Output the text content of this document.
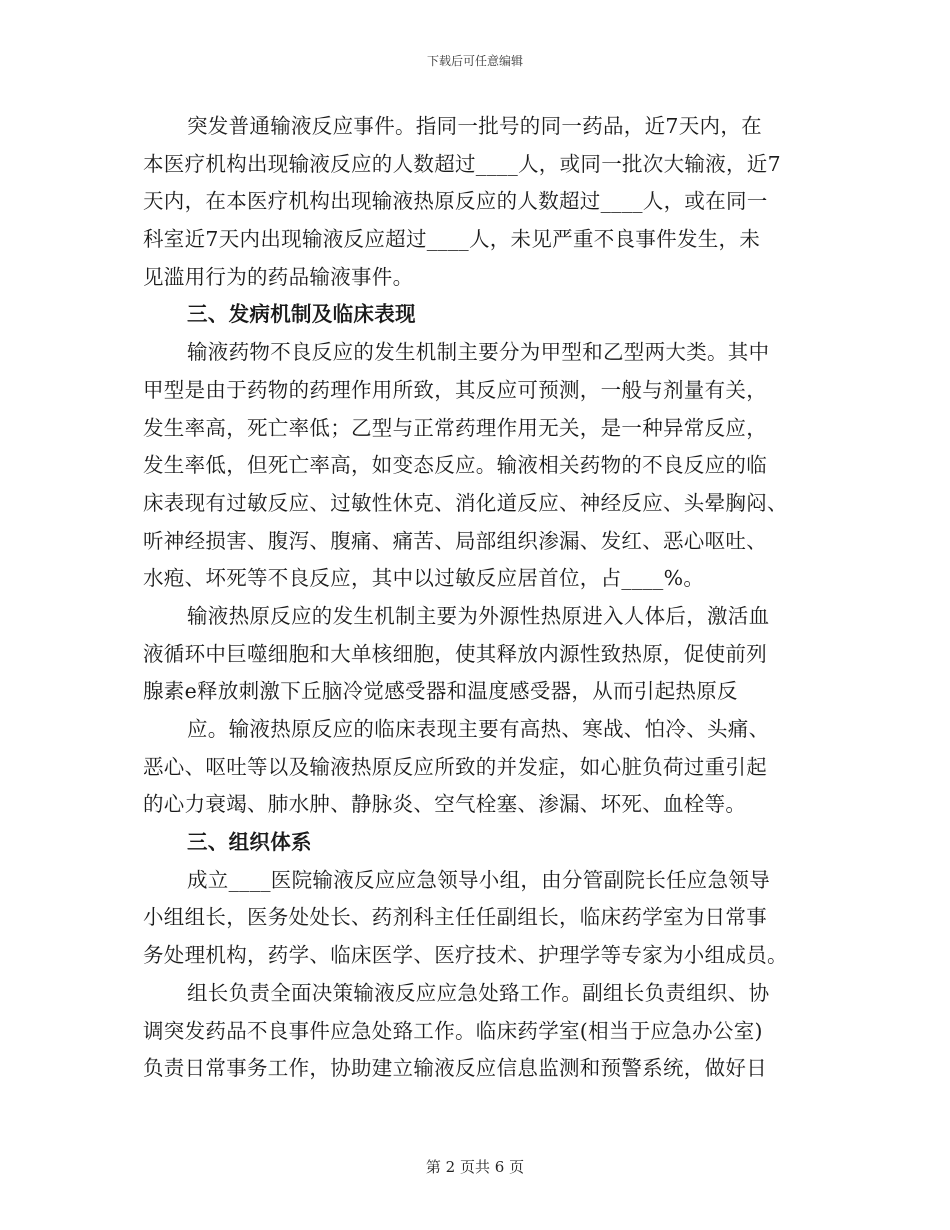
下载后可任意编辑
突发普通输液反应事件。指同一批号的同一药品，近7天内，在
本医疗机构出现输液反应的人数超过____人，或同一批次大输液，近7
天内，在本医疗机构出现输液热原反应的人数超过____人，或在同一
科室近7天内出现输液反应超过____人，未见严重不良事件发生，未
见滥用行为的药品输液事件。
三、发病机制及临床表现
输液药物不良反应的发生机制主要分为甲型和乙型两大类。其中
甲型是由于药物的药理作用所致，其反应可预测，一般与剂量有关，
发生率高，死亡率低；乙型与正常药理作用无关，是一种异常反应，
发生率低，但死亡率高，如变态反应。输液相关药物的不良反应的临
床表现有过敏反应、过敏性休克、消化道反应、神经反应、头晕胸闷、
听神经损害、腹泻、腹痛、痛苦、局部组织渗漏、发红、恶心呕吐、
水疱、坏死等不良反应，其中以过敏反应居首位，占____%。
输液热原反应的发生机制主要为外源性热原进入人体后，激活血
液循环中巨噬细胞和大单核细胞，使其释放内源性致热原，促使前列
腺素e释放刺激下丘脑冷觉感受器和温度感受器，从而引起热原反
应。输液热原反应的临床表现主要有高热、寒战、怕冷、头痛、
恶心、呕吐等以及输液热原反应所致的并发症，如心脏负荷过重引起
的心力衰竭、肺水肿、静脉炎、空气栓塞、渗漏、坏死、血栓等。
三、组织体系
成立____医院输液反应应急领导小组，由分管副院长任应急领导
小组组长，医务处处长、药剂科主任任副组长，临床药学室为日常事
务处理机构，药学、临床医学、医疗技术、护理学等专家为小组成员。
组长负责全面决策输液反应应急处臵工作。副组长负责组织、协
调突发药品不良事件应急处臵工作。临床药学室(相当于应急办公室)
负责日常事务工作，协助建立输液反应信息监测和预警系统，做好日
第 2 页共 6 页
